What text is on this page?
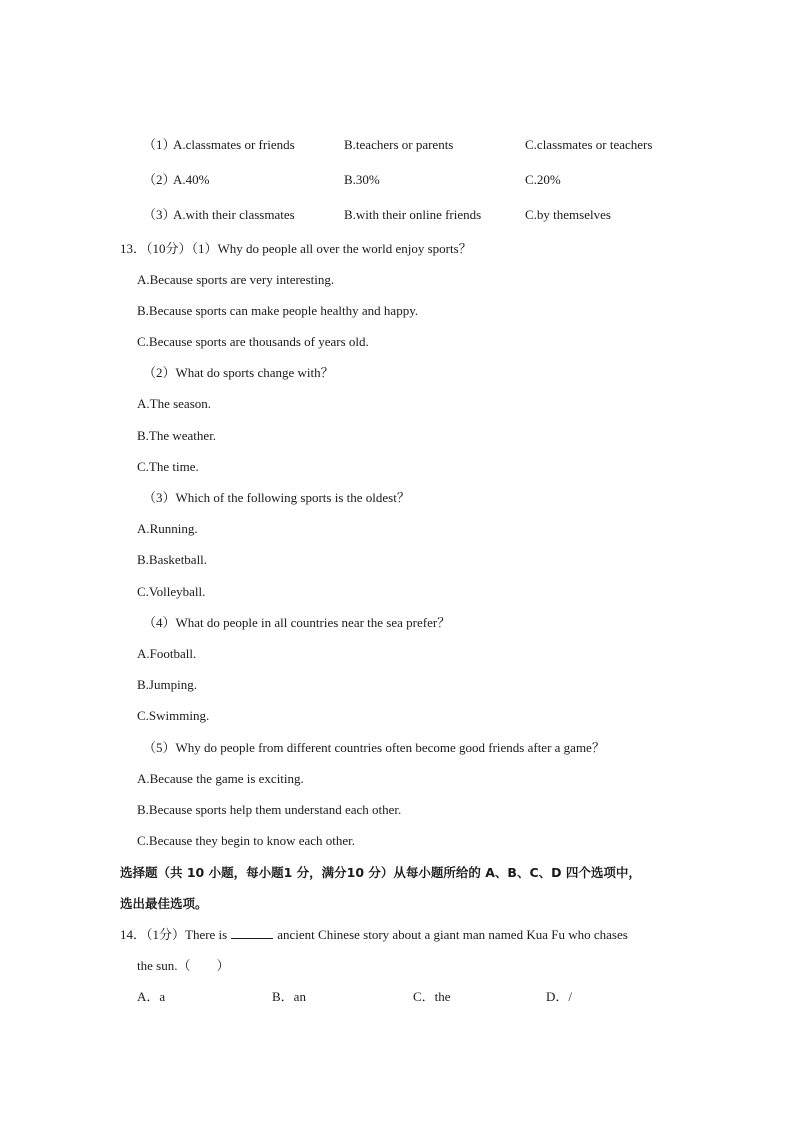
（1）
A.classmates or friends	B.teachers or parents	C.classmates or teachers
（2）
A.40%	B.30%	C.20%
（3）
A.with their classmates	B.with their online friends	C.by themselves
13．（10分）（1）Why do people all over the world enjoy sports？
A.Because sports are very interesting.
B.Because sports can make people healthy and happy.
C.Because sports are thousands of years old.
（2）What do sports change with？
A.The season.
B.The weather.
C.The time.
（3）Which of the following sports is the oldest？
A.Running.
B.Basketball.
C.Volleyball.
（4）What do people in all countries near the sea prefer？
A.Football.
B.Jumping.
C.Swimming.
（5）Why do people from different countries often become good friends after a game？
A.Because the game is exciting.
B.Because sports help them understand each other.
C.Because they begin to know each other.
选择题（共 10 小题，每小题1 分，满分10 分）从每小题所给的 A、B、C、D 四个选项中，
选出最佳选项。
14．（1分）There is	ancient Chinese story about a giant man named Kua Fu who chases
the sun.（　　）
A．a	B．an	C．the	D．/
